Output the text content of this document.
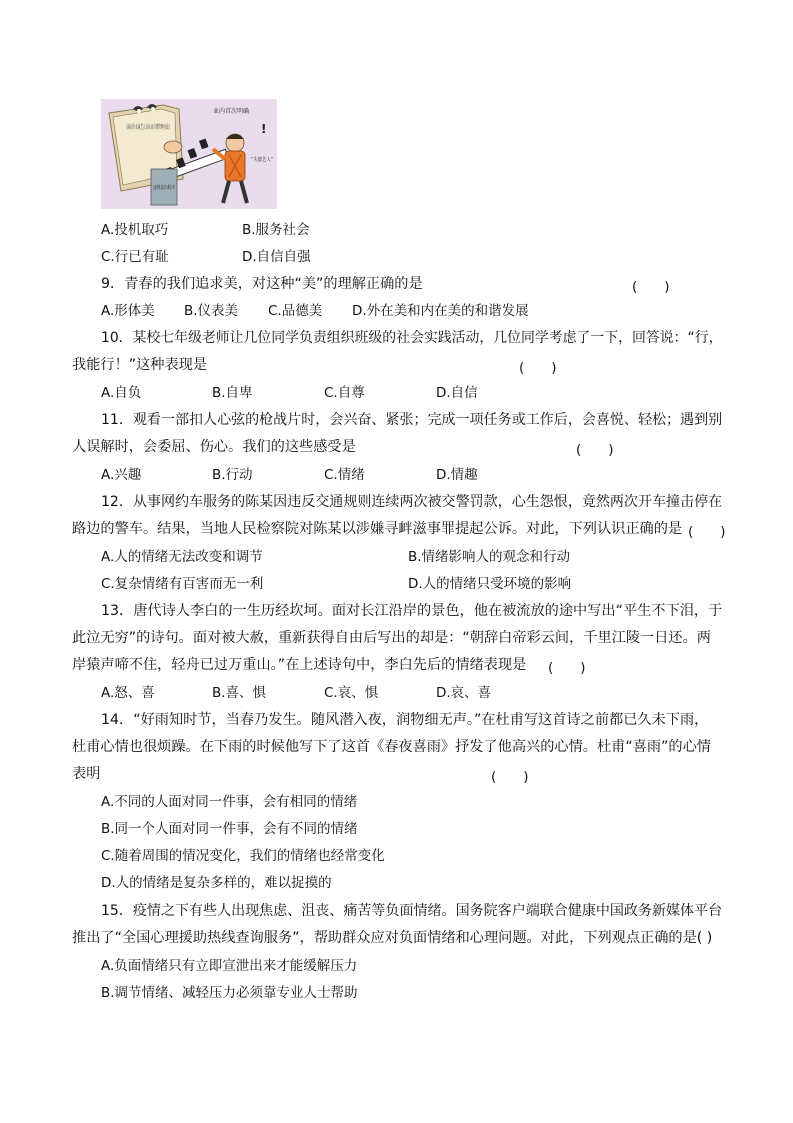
违规复出程序
业内首次明确
!
“失德艺人”
A.投机取巧	B.服务社会
C.行已有耻	D.自信自强
9．青春的我们追求美，对这种“美”的理解正确的是	(　　)
A.形体美 B.仪表美 C.品德美 D.外在美和内在美的和谐发展
10．某校七年级老师让几位同学负责组织班级的社会实践活动，几位同学考虑了一下，回答说：“行，
我能行！”这种表现是	(　　)
A.自负	B.自卑	C.自尊	D.自信
11．观看一部扣人心弦的枪战片时，会兴奋、紧张；完成一项任务或工作后，会喜悦、轻松；遇到别
人误解时，会委屈、伤心。我们的这些感受是	(　　)
A.兴趣	B.行动	C.情绪	D.情趣
12．从事网约车服务的陈某因违反交通规则连续两次被交警罚款，心生怨恨，竟然两次开车撞击停在
路边的警车。结果，当地人民检察院对陈某以涉嫌寻衅滋事罪提起公诉。对此，下列认识正确的是 (　　)
A.人的情绪无法改变和调节	B.情绪影响人的观念和行动
C.复杂情绪有百害而无一利	D.人的情绪只受环境的影响
13．唐代诗人李白的一生历经坎坷。面对长江沿岸的景色，他在被流放的途中写出“平生不下泪，于
此泣无穷”的诗句。面对被大赦，重新获得自由后写出的却是：“朝辞白帝彩云间，千里江陵一日还。两
岸猿声啼不住，轻舟已过万重山。”在上述诗句中，李白先后的情绪表现是 (　　)
A.怒、喜	B.喜、惧	C.哀、惧	D.哀、喜
14．“好雨知时节，当春乃发生。随风潜入夜，润物细无声。”在杜甫写这首诗之前都已久未下雨，
杜甫心情也很烦躁。在下雨的时候他写下了这首《春夜喜雨》抒发了他高兴的心情。杜甫“喜雨”的心情
表明	(　　)
A.不同的人面对同一件事，会有相同的情绪
B.同一个人面对同一件事，会有不同的情绪
C.随着周围的情况变化，我们的情绪也经常变化
D.人的情绪是复杂多样的，难以捉摸的
15．疫情之下有些人出现焦虑、沮丧、痛苦等负面情绪。国务院客户端联合健康中国政务新媒体平台
推出了“全国心理援助热线查询服务”，帮助群众应对负面情绪和心理问题。对此，下列观点正确的是( )
A.负面情绪只有立即宣泄出来才能缓解压力
B.调节情绪、减轻压力必须靠专业人士帮助
